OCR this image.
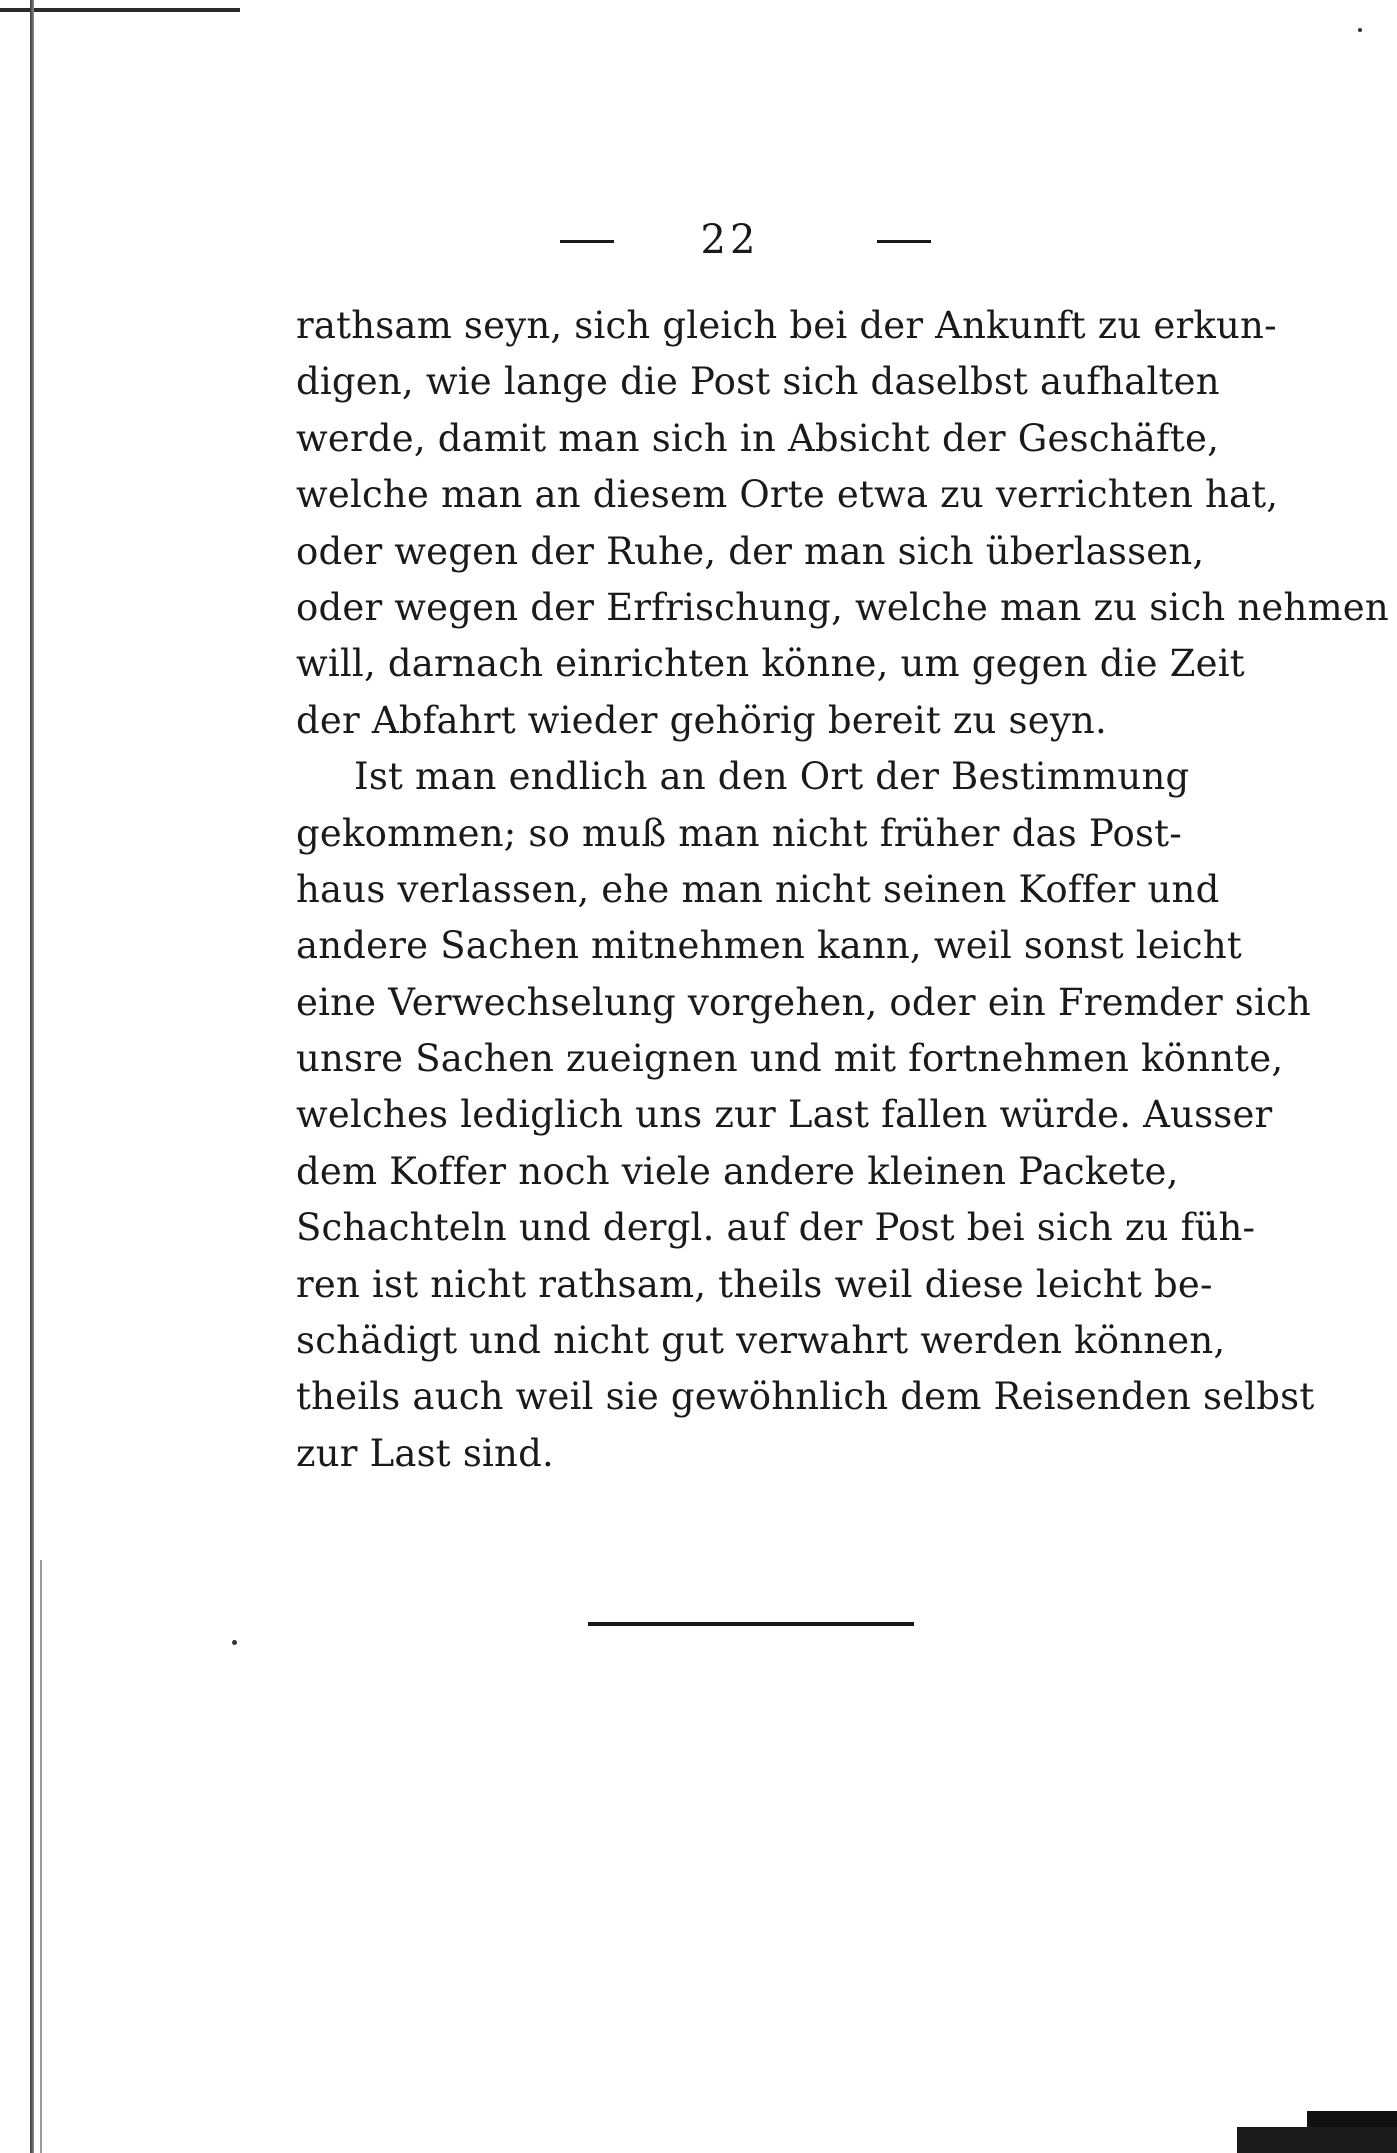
22
rathsam seyn, sich gleich bei der Ankunft zu erkun-
digen, wie lange die Post sich daselbst aufhalten
werde, damit man sich in Absicht der Geschäfte,
welche man an diesem Orte etwa zu verrichten hat,
oder wegen der Ruhe, der man sich überlassen,
oder wegen der Erfrischung, welche man zu sich nehmen
will, darnach einrichten könne, um gegen die Zeit
der Abfahrt wieder gehörig bereit zu seyn.
Ist man endlich an den Ort der Bestimmung
gekommen; so muß man nicht früher das Post-
haus verlassen, ehe man nicht seinen Koffer und
andere Sachen mitnehmen kann, weil sonst leicht
eine Verwechselung vorgehen, oder ein Fremder sich
unsre Sachen zueignen und mit fortnehmen könnte,
welches lediglich uns zur Last fallen würde. Ausser
dem Koffer noch viele andere kleinen Packete,
Schachteln und dergl. auf der Post bei sich zu füh-
ren ist nicht rathsam, theils weil diese leicht be-
schädigt und nicht gut verwahrt werden können,
theils auch weil sie gewöhnlich dem Reisenden selbst
zur Last sind.
